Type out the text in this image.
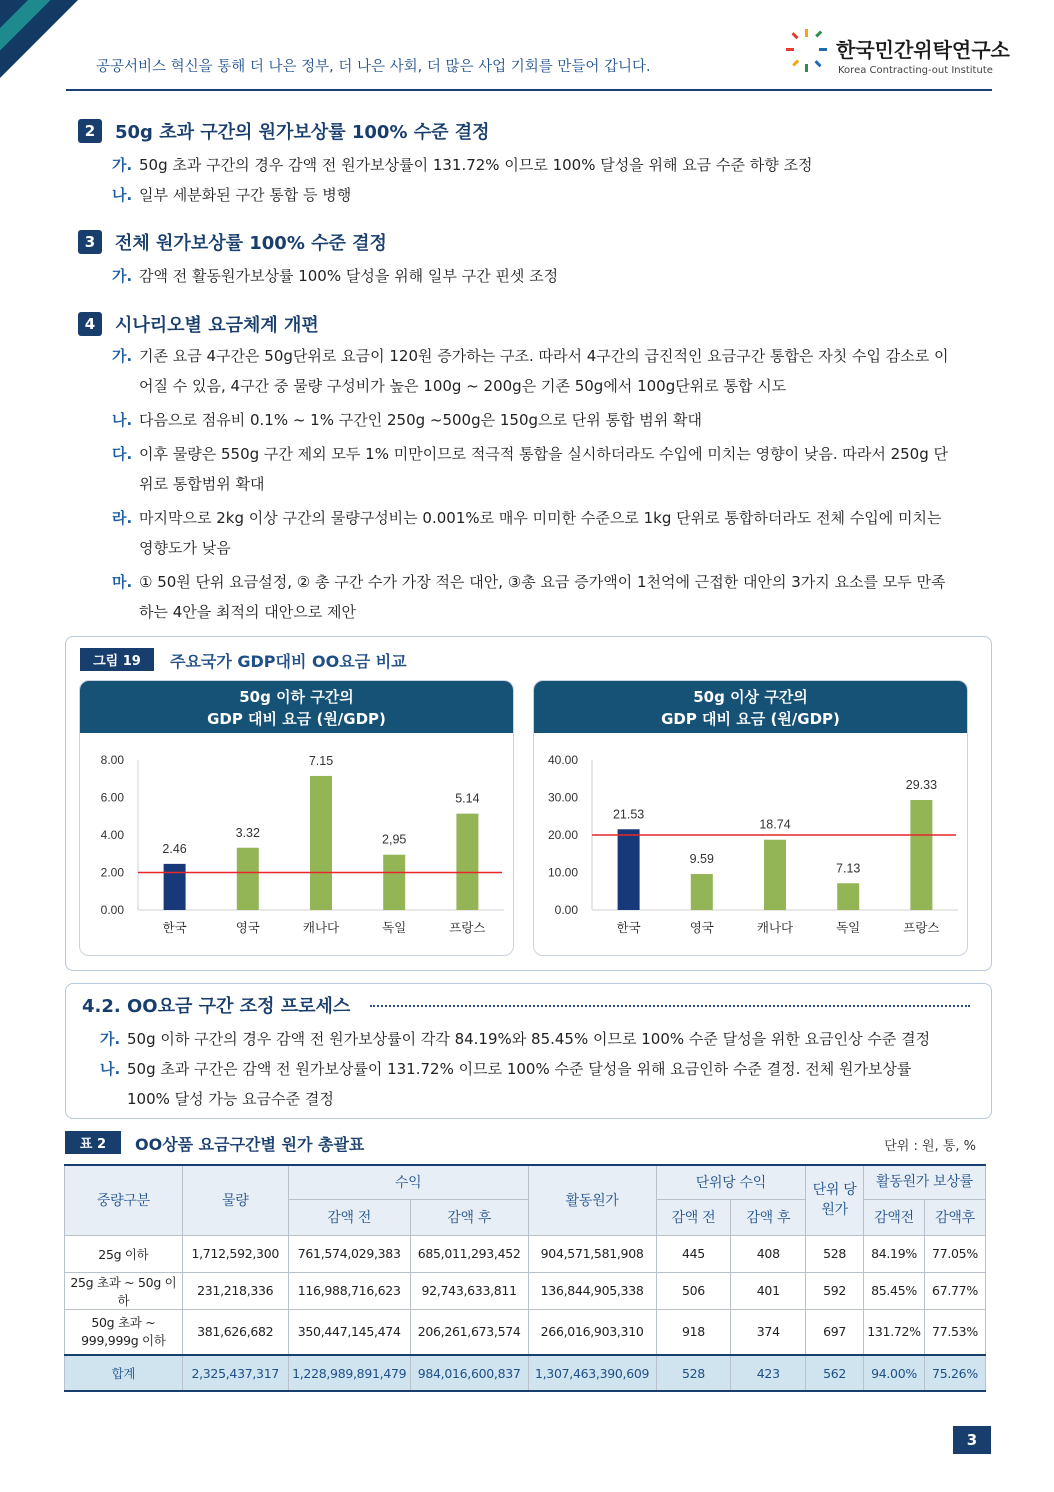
공공서비스 혁신을 통해 더 나은 정부, 더 나은 사회, 더 많은 사업 기회를 만들어 갑니다.
한국민간위탁연구소
Korea Contracting-out Institute
2	50g 초과 구간의 원가보상률 100% 수준 결정
가. 50g 초과 구간의 경우 감액 전 원가보상률이 131.72% 이므로 100% 달성을 위해 요금 수준 하향 조정
나. 일부 세분화된 구간 통합 등 병행
3	전체 원가보상률 100% 수준 결정
가. 감액 전 활동원가보상률 100% 달성을 위해 일부 구간 핀셋 조정
4	시나리오별 요금체계 개편
가. 기존 요금 4구간은 50g단위로 요금이 120원 증가하는 구조. 따라서 4구간의 급진적인 요금구간 통합은 자칫 수입 감소로 이어질 수 있음, 4구간 중 물량 구성비가 높은 100g ~ 200g은 기존 50g에서 100g단위로 통합 시도
나. 다음으로 점유비 0.1% ~ 1% 구간인 250g ~500g은 150g으로 단위 통합 범위 확대
다. 이후 물량은 550g 구간 제외 모두 1% 미만이므로 적극적 통합을 실시하더라도 수입에 미치는 영향이 낮음. 따라서 250g 단위로 통합범위 확대
라. 마지막으로 2kg 이상 구간의 물량구성비는 0.001%로 매우 미미한 수준으로 1kg 단위로 통합하더라도 전체 수입에 미치는 영향도가 낮음
마. ① 50원 단위 요금설정, ② 총 구간 수가 가장 적은 대안, ③총 요금 증가액이 1천억에 근접한 대안의 3가지 요소를 모두 만족하는 4안을 최적의 대안으로 제안
그림 19	주요국가 GDP대비 OO요금 비교
50g 이하 구간의
GDP 대비 요금 (원/GDP)
0.00
2.00
4.00
6.00
8.00
2.46
한국
3.32
영국
7.15
캐나다
2,95
독일
5.14
프랑스
50g 이상 구간의
GDP 대비 요금 (원/GDP)
0.00
10.00
20.00
30.00
40.00
21.53
한국
9.59
영국
18.74
캐나다
7.13
독일
29.33
프랑스
4.2. OO요금 구간 조정 프로세스
가. 50g 이하 구간의 경우 감액 전 원가보상률이 각각 84.19%와 85.45% 이므로 100% 수준 달성을 위한 요금인상 수준 결정
나. 50g 초과 구간은 감액 전 원가보상률이 131.72% 이므로 100% 수준 달성을 위해 요금인하 수준 결정. 전체 원가보상률 100% 달성 가능 요금수준 결정
표 2	OO상품 요금구간별 원가 총괄표	단위 : 원, 통, %
중량구분	물량	수익		활동원가	단위당 수익		단위 당원가	활동원가 보상률	
		감액 전	감액 후		감액 전	감액 후		감액전	감액후
25g 이하	1,712,592,300	761,574,029,383	685,011,293,452	904,571,581,908	445	408	528	84.19%	77.05%
25g 초과 ~ 50g 이하	231,218,336	116,988,716,623	92,743,633,811	136,844,905,338	506	401	592	85.45%	67.77%
50g 초과 ~ 999,999g 이하	381,626,682	350,447,145,474	206,261,673,574	266,016,903,310	918	374	697	131.72%	77.53%
합계	2,325,437,317	1,228,989,891,479	984,016,600,837	1,307,463,390,609	528	423	562	94.00%	75.26%
3
